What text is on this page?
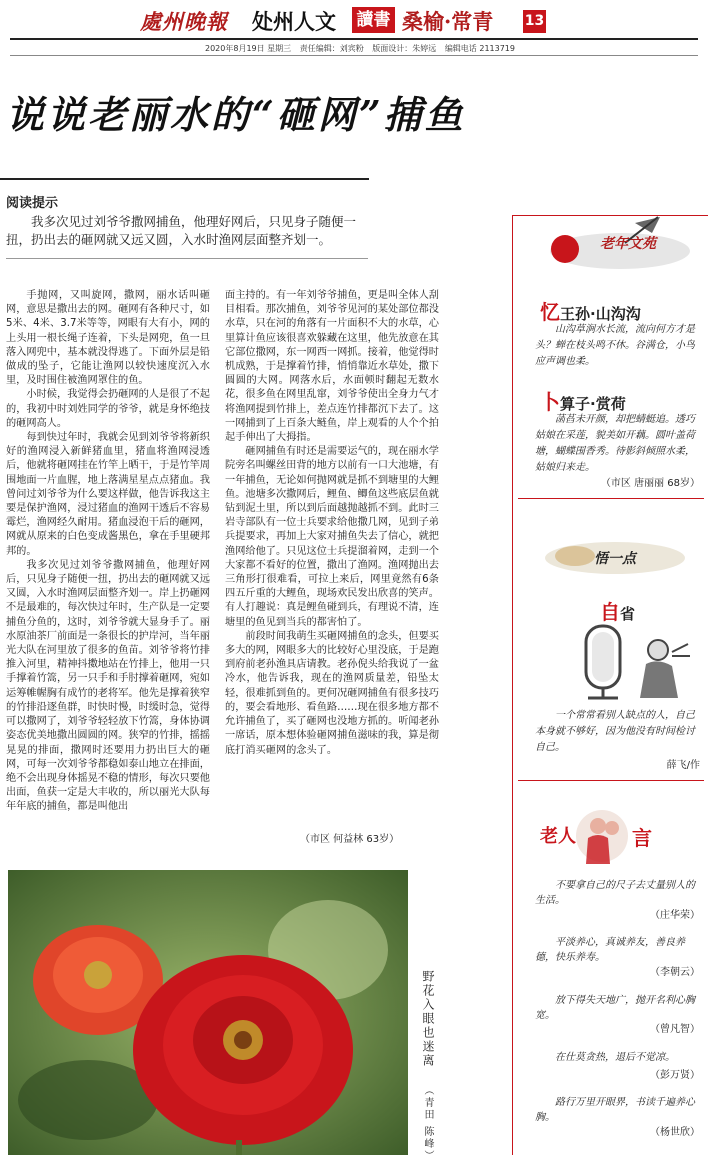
處州晚報 处州人文 讀書 桑榆·常青 13
2020年8月19日 星期三 责任编辑：刘宾粉 版面设计：朱婷远 编辑电话 2113719
说说老丽水的“砸网”捕鱼
阅读提示
我多次见过刘爷爷撒网捕鱼，他理好网后，只见身子随便一扭，扔出去的砸网就又远又圆，入水时渔网层面整齐划一。

手抛网，又叫旋网，撒网，丽水话叫砸网，意思是撒出去的网。砸网有各种尺寸，如5米、4米、3.7米等等，网眼有大有小，网的上头用一根长绳子连着，下头是网兜，鱼一旦落入网兜中，基本就没得逃了。下面外层是铅做成的坠子，它能让渔网以较快速度沉入水里，及时围住被渔网罩住的鱼。

小时候，我觉得会扔砸网的人是很了不起的，我初中时刘姓同学的爷爷，就是身怀绝技的砸网高人。

每到快过年时，我就会见到刘爷爷将新织好的渔网浸入新鲜猪血里，猪血将渔网浸透后，他就将砸网挂在竹竿上晒干，于是竹竿周围地面一片血腥，地上落满星星点点猪血。我曾问过刘爷爷为什么要这样做，他告诉我这主要是保护渔网，浸过猪血的渔网干透后不容易霉烂，渔网经久耐用。猪血浸泡干后的砸网，网就从原来的白色变成酱黑色，拿在手里硬邦邦的。

我多次见过刘爷爷撒网捕鱼，他理好网后，只见身子随便一扭，扔出去的砸网就又远又圆，入水时渔网层面整齐划一。岸上扔砸网不是最难的，每次快过年时，生产队是一定要捕鱼分鱼的，这时，刘爷爷就大显身手了。丽水原油茶厂前面是一条很长的护岸河，当年丽光大队在河里放了很多的鱼苗。刘爷爷将竹排推入河里，精神抖擞地站在竹排上，他用一只手撑着竹篙，另一只手和手肘撑着砸网，宛如运筹帷幄胸有成竹的老将军。他先是撑着狭窄的竹排沿逐鱼群，时快时慢，时缓时急，觉得可以撒网了，刘爷爷轻轻放下竹篙，身体协调姿态优美地撒出圆圆的网。狭窄的竹排，摇摇晃晃的排面，撒网时还要用力扔出巨大的砸网，可每一次刘爷爷都稳如泰山地立在排面，绝不会出现身体摇晃不稳的情形，每次只要他出面，鱼获一定是大丰收的，所以丽光大队每年年底的捕鱼，都是叫他出

面主持的。有一年刘爷爷捕鱼，更是叫全体人刮目相看。那次捕鱼，刘爷爷见河的某处部位都没水草，只在河的角落有一片面积不大的水草，心里算计鱼应该很喜欢躲藏在这里，他先放意在其它部位撒网，东一网西一网抓。接着，他觉得时机成熟，于是撑着竹排，悄悄靠近水草处，撒下圆圆的大网。网落水后，水面顿时翻起无数水花，很多鱼在网里乱窜，刘爷爷使出全身力气才将渔网提到竹排上，差点连竹排都沉下去了。这一网捕到了上百条大鲢鱼，岸上观看的人个个拍起手伸出了大拇指。

砸网捕鱼有时还是需要运气的，现在丽水学院旁名叫螺丝田背的地方以前有一口大池塘，有一年捕鱼，无论如何抛网就是抓不到塘里的大鲤鱼。池塘多次撒网后，鲤鱼、鲫鱼这些底层鱼就钻到泥土里，所以到后面越抛越抓不到。此时三岩寺部队有一位士兵要求给他撒几网，见到子弟兵提要求，再加上大家对捕鱼失去了信心，就把渔网给他了。只见这位士兵提溜着网，走到一个大家都不看好的位置，撒出了渔网。渔网抛出去三角形打很难看，可拉上来后，网里竟然有6条四五斤重的大鲤鱼，现场欢民发出欣喜的笑声。有人打趣说：真是鲤鱼碰到兵，有理说不清，连塘里的鱼见到当兵的都害怕了。

前段时间我萌生买砸网捕鱼的念头，但要买多大的网，网眼多大的比较好心里没底，于是跑到府前老孙渔具店请教。老孙倪头给我说了一盆冷水，他告诉我，现在的渔网质量差，铅坠太轻，很难抓到鱼的。更何况砸网捕鱼有很多技巧的，要会看地形、看鱼路……现在很多地方都不允许捕鱼了，买了砸网也没地方抓的。听闻老孙一席话，原本想体验砸网捕鱼滋味的我，算是彻底打消买砸网的念头了。

（市区 何益林 63岁）
野花入眼也迷离
（青田 陈峰）
老年文苑
忆王孙·山沟沟
山沟草涧水长流，流向何方才是头？蝉在枝头鸣不休。谷满仓，小鸟应声调也柔。
卜算子·赏荷
菡萏未开颜，却把蜻蜓追。透巧姑娘在采莲，貌美如开藕。圆叶盖荷塘，蝴蝶围香秀。待影斜倾照水柔，姑娘归来走。
（市区 唐丽丽 68岁）
悟一点
自省
一个常常看别人缺点的人，自己本身就不够好，因为他没有时间检讨自己。
薛飞/作
老人	言
不要拿自己的尺子去丈量别人的生活。
（庄华荣）
平淡养心，真诚养友，善良养德，快乐养寿。
（李朝云）
放下得失天地广，抛开名利心胸宽。
（曾凡智）
在仕莫贪热，退后不觉凉。
（彭万贤）
路行万里开眼界，书读千遍养心胸。
（杨世欣）
